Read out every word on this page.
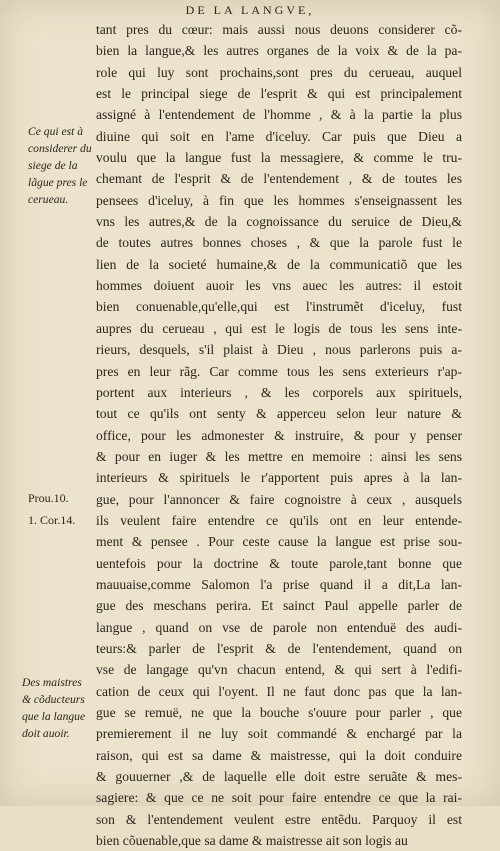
DE LA LANGVE,
Ce qui est à
considerer du
siege de la
lãgue pres le
cerueau.
Prou.10.
1. Cor.14.
Des maistres
& cõducteurs
que la langue
doit auoir.
tant pres du cœur: mais aussi nous deuons considerer cõ-
bien la langue,& les autres organes de la voix & de la pa-
role qui luy sont prochains,sont pres du cerueau, auquel
est le principal siege de l'esprit & qui est principalement
assigné à l'entendement de l'homme , & à la partie la plus
diuine qui soit en l'ame d'iceluy. Car puis que Dieu a
voulu que la langue fust la messagiere, & comme le tru-
chemant de l'esprit & de l'entendement , & de toutes les
pensees d'iceluy, à fin que les hommes s'enseignassent les
vns les autres,& de la cognoissance du seruice de Dieu,&
de toutes autres bonnes choses , & que la parole fust le
lien de la societé humaine,& de la communicatiõ que les
hommes doiuent auoir les vns auec les autres: il estoit
bien conuenable,qu'elle,qui est l'instrumẽt d'iceluy, fust
aupres du cerueau , qui est le logis de tous les sens inte-
rieurs, desquels, s'il plaist à Dieu , nous parlerons puis a-
pres en leur rãg. Car comme tous les sens exterieurs r'ap-
portent aux interieurs , & les corporels aux spirituels,
tout ce qu'ils ont senty & apperceu selon leur nature &
office, pour les admonester & instruire, & pour y penser
& pour en iuger & les mettre en memoire : ainsi les sens
interieurs & spirituels le r'apportent puis apres à la lan-
gue, pour l'annoncer & faire cognoistre à ceux , ausquels
ils veulent faire entendre ce qu'ils ont en leur entende-
ment & pensee . Pour ceste cause la langue est prise sou-
uentefois pour la doctrine & toute parole,tant bonne que
mauuaise,comme Salomon l'a prise quand il a dit,La lan-
gue des meschans perira. Et sainct Paul appelle parler de
langue , quand on vse de parole non entenduë des audi-
teurs:& parler de l'esprit & de l'entendement, quand on
vse de langage qu'vn chacun entend, & qui sert à l'edifi-
cation de ceux qui l'oyent. Il ne faut donc pas que la lan-
gue se remuë, ne que la bouche s'ouure pour parler , que
premierement il ne luy soit commandé & enchargé par la
raison, qui est sa dame & maistresse, qui la doit conduire
& gouuerner ,& de laquelle elle doit estre seruãte & mes-
sagiere: & que ce ne soit pour faire entendre ce que la rai-
son & l'entendement veulent estre entẽdu. Parquoy il est
bien cõuenable,que sa dame & maistresse ait son logis au
